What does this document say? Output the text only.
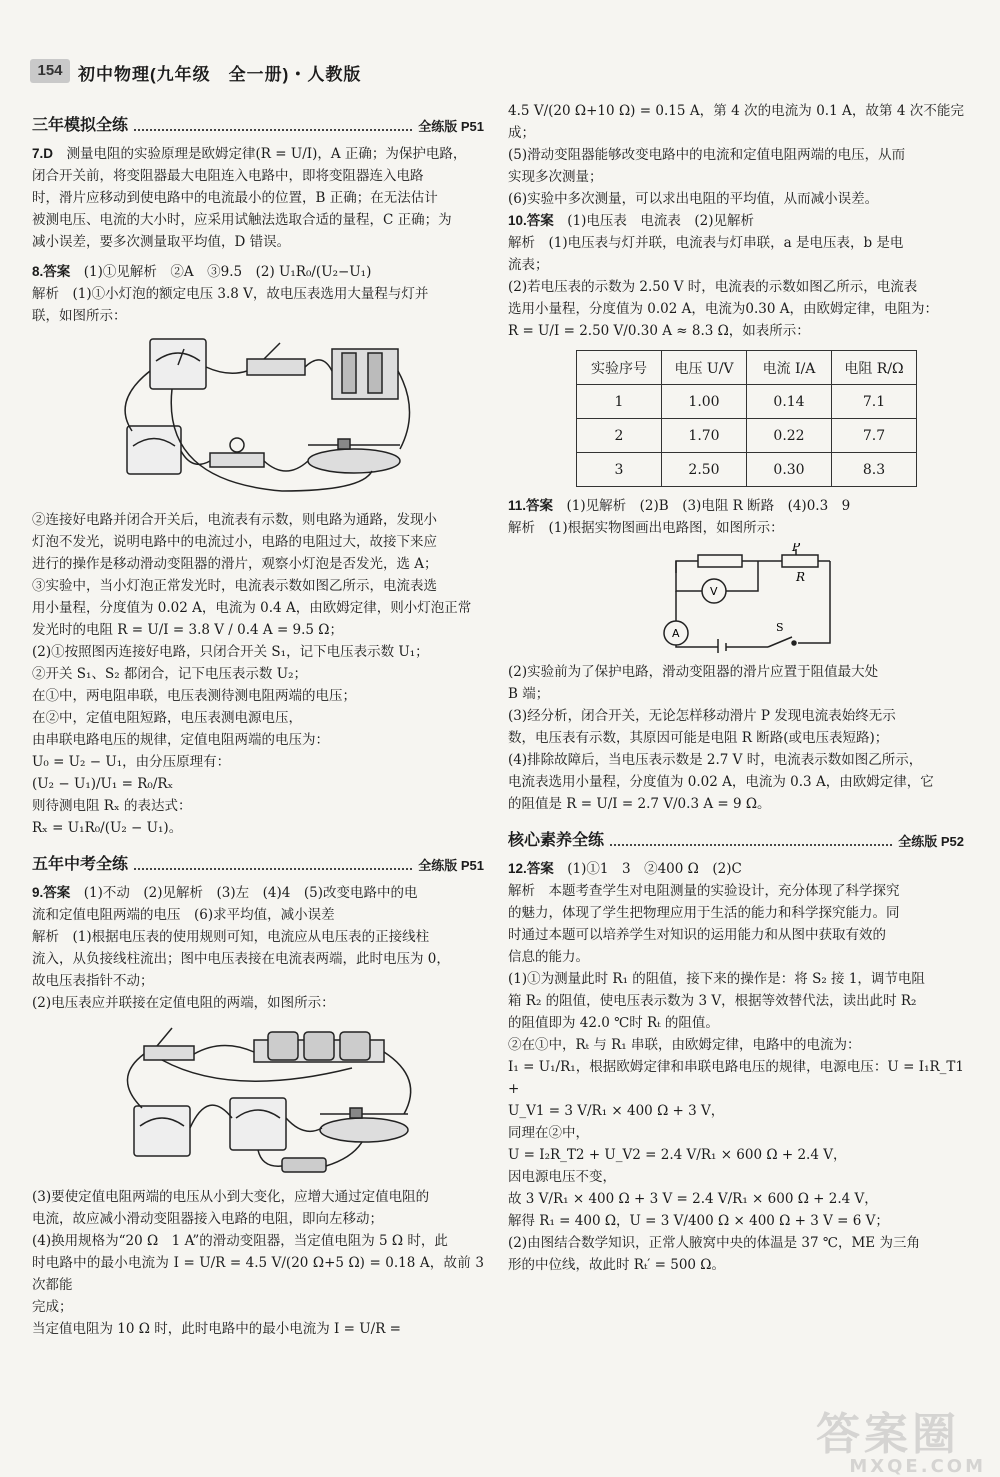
154 初中物理(九年级　全一册)・人教版
三年模拟全练	全练版 P51

7.D　 测量电阻的实验原理是欧姆定律(R = U/I)，A 正确；为保护电路，

闭合开关前，将变阻器最大电阻连入电路中，即将变阻器连入电路

时，滑片应移动到使电路中的电流最小的位置，B 正确；在无法估计

被测电压、电流的大小时，应采用试触法选取合适的量程，C 正确；为

减小误差，要多次测量取平均值，D 错误。

8.答案　 (1)①见解析　②A　③9.5　(2) U₁R₀/(U₂−U₁)

解析　(1)①小灯泡的额定电压 3.8 V，故电压表选用大量程与灯并

联，如图所示：

②连接好电路并闭合开关后，电流表有示数，则电路为通路，发现小

灯泡不发光，说明电路中的电流过小，电路的电阻过大，故接下来应

进行的操作是移动滑动变阻器的滑片，观察小灯泡是否发光，选 A；

③实验中，当小灯泡正常发光时，电流表示数如图乙所示，电流表选

用小量程，分度值为 0.02 A，电流为 0.4 A，由欧姆定律，则小灯泡正常

发光时的电阻 R = U/I = 3.8 V / 0.4 A = 9.5 Ω；

(2)①按照图丙连接好电路，只闭合开关 S₁，记下电压表示数 U₁；

②开关 S₁、S₂ 都闭合，记下电压表示数 U₂；

在①中，两电阻串联，电压表测待测电阻两端的电压；

在②中，定值电阻短路，电压表测电源电压，

由串联电路电压的规律，定值电阻两端的电压为：

U₀ = U₂ − U₁，由分压原理有：

(U₂ − U₁)/U₁ = R₀/Rₓ

则待测电阻 Rₓ 的表达式：

Rₓ = U₁R₀/(U₂ − U₁)。

五年中考全练	全练版 P51

9.答案　 (1)不动　(2)见解析　(3)左　(4)4　(5)改变电路中的电

流和定值电阻两端的电压　(6)求平均值，减小误差

解析　(1)根据电压表的使用规则可知，电流应从电压表的正接线柱

流入，从负接线柱流出；图中电压表接在电流表两端，此时电压为 0，

故电压表指针不动；

(2)电压表应并联接在定值电阻的两端，如图所示：

(3)要使定值电阻两端的电压从小到大变化，应增大通过定值电阻的

电流，故应减小滑动变阻器接入电路的电阻，即向左移动；

(4)换用规格为“20 Ω　1 A”的滑动变阻器，当定值电阻为 5 Ω 时，此

时电路中的最小电流为 I = U/R = 4.5 V/(20 Ω+5 Ω) = 0.18 A，故前 3 次都能

完成；

当定值电阻为 10 Ω 时，此时电路中的最小电流为 I = U/R =

4.5 V/(20 Ω+10 Ω) = 0.15 A，第 4 次的电流为 0.1 A，故第 4 次不能完成；

(5)滑动变阻器能够改变电路中的电流和定值电阻两端的电压，从而

实现多次测量；

(6)实验中多次测量，可以求出电阻的平均值，从而减小误差。

10.答案　 (1)电压表　电流表　(2)见解析

解析　(1)电压表与灯并联，电流表与灯串联，a 是电压表，b 是电

流表；

(2)若电压表的示数为 2.50 V 时，电流表的示数如图乙所示，电流表

选用小量程，分度值为 0.02 A，电流为0.30 A，由欧姆定律，电阻为：

R = U/I = 2.50 V/0.30 A ≈ 8.3 Ω，如表所示：

实验序号	电压 U/V	电流 I/A	电阻 R/Ω
1	1.00	0.14	7.1
2	1.70	0.22	7.7
3	2.50	0.30	8.3

11.答案　 (1)见解析　(2)B　(3)电阻 R 断路　(4)0.3　9

解析　(1)根据实物图画出电路图，如图所示：

P
R
V
A	S

(2)实验前为了保护电路，滑动变阻器的滑片应置于阻值最大处

B 端；

(3)经分析，闭合开关，无论怎样移动滑片 P 发现电流表始终无示

数，电压表有示数，其原因可能是电阻 R 断路(或电压表短路)；

(4)排除故障后，当电压表示数是 2.7 V 时，电流表示数如图乙所示，

电流表选用小量程，分度值为 0.02 A，电流为 0.3 A，由欧姆定律，它

的阻值是 R = U/I = 2.7 V/0.3 A = 9 Ω。

核心素养全练	全练版 P52

12.答案　 (1)①1　3　②400 Ω　(2)C

解析　本题考查学生对电阻测量的实验设计，充分体现了科学探究

的魅力，体现了学生把物理应用于生活的能力和科学探究能力。同

时通过本题可以培养学生对知识的运用能力和从图中获取有效的

信息的能力。

(1)①为测量此时 R₁ 的阻值，接下来的操作是：将 S₂ 接 1，调节电阻

箱 R₂ 的阻值，使电压表示数为 3 V，根据等效替代法，读出此时 R₂

的阻值即为 42.0 ℃时 Rₜ 的阻值。

②在①中，Rₜ 与 R₁ 串联，由欧姆定律，电路中的电流为：

I₁ = U₁/R₁，根据欧姆定律和串联电路电压的规律，电源电压：U = I₁R_T1 +

U_V1 = 3 V/R₁ × 400 Ω + 3 V，

同理在②中，

U = I₂R_T2 + U_V2 = 2.4 V/R₁ × 600 Ω + 2.4 V，

因电源电压不变，

故 3 V/R₁ × 400 Ω + 3 V = 2.4 V/R₁ × 600 Ω + 2.4 V，

解得 R₁ = 400 Ω，U = 3 V/400 Ω × 400 Ω + 3 V = 6 V；

(2)由图结合数学知识，正常人腋窝中央的体温是 37 ℃，ME 为三角

形的中位线，故此时 Rₜ′ = 500 Ω。

答案圈
MXQE.COM
